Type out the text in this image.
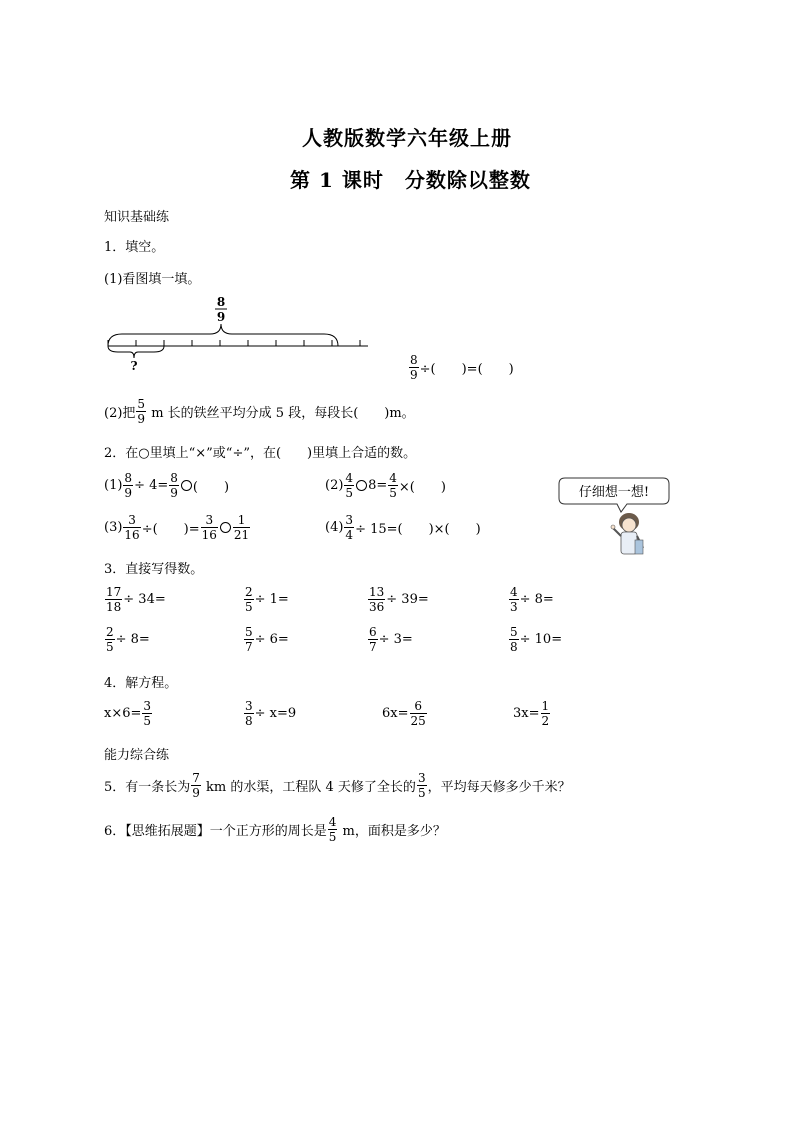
人教版数学六年级上册
第 1 课时　分数除以整数
知识基础练
1．填空。
(1)看图填一填。
8
9
?	$\frac{8}{9}$ ÷(　　)=(　　)
(2)把 $\frac{5}{9}$ m 长的铁丝平均分成 5 段，每段长(　　)m。
2．在○里填上“×”或“÷”，在(　　)里填上合适的数。
$(1) \frac{8}{9} \div 4= \frac{8}{9}$ (　　)	$(2) \frac{4}{5} 8= \frac{4}{5}$ ×(　　)
$(3) \frac{3}{16}$ ÷(　　)= $\frac{3}{16} \frac{1}{21}$	$(4) \frac{3}{4} \div 15=$(　　)×(　　)
仔细想一想!
3．直接写得数。
$\frac{17}{18} \div 34=$	$\frac{2}{5} \div 1=$	$\frac{13}{36} \div 39=$	$\frac{4}{3} \div 8=$
$\frac{2}{5} \div 8=$	$\frac{5}{7} \div 6=$	$\frac{6}{7} \div 3=$	$\frac{5}{8} \div 10=$
4．解方程。
$x\times 6= \frac{3}{5}$	$\frac{3}{8} \div x=9$	$6x= \frac{6}{25}$	$3x= \frac{1}{2}$
能力综合练
5．有一条长为 $\frac{7}{9}$ km 的水渠，工程队 4 天修了全长的 $\frac{3}{5}$ ，平均每天修多少千米？
6．【思维拓展题】一个正方形的周长是 $\frac{4}{5}$ m，面积是多少？
